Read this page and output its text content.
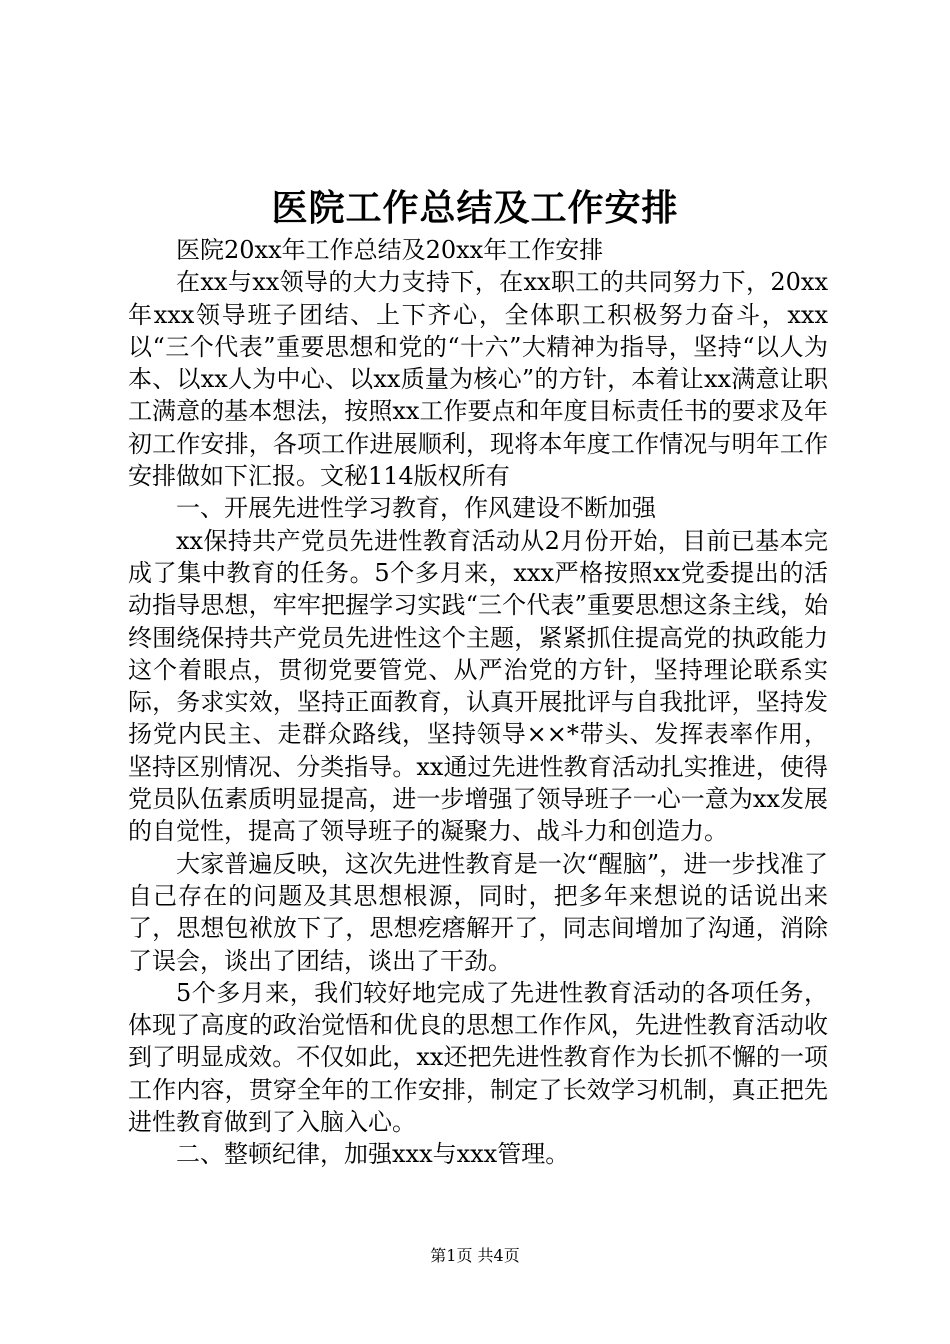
医院工作总结及工作安排

医院20xx年工作总结及20xx年工作安排

在xx与xx领导的大力支持下，在xx职工的共同努力下，20xx年xxx领导班子团结、上下齐心，全体职工积极努力奋斗，xxx以“三个代表”重要思想和党的“十六”大精神为指导，坚持“以人为本、以xx人为中心、以xx质量为核心”的方针，本着让xx满意让职工满意的基本想法，按照xx工作要点和年度目标责任书的要求及年初工作安排，各项工作进展顺利，现将本年度工作情况与明年工作安排做如下汇报。文秘114版权所有

一、开展先进性学习教育，作风建设不断加强

xx保持共产党员先进性教育活动从2月份开始，目前已基本完成了集中教育的任务。5个多月来，xxx严格按照xx党委提出的活动指导思想，牢牢把握学习实践“三个代表”重要思想这条主线，始终围绕保持共产党员先进性这个主题，紧紧抓住提高党的执政能力这个着眼点，贯彻党要管党、从严治党的方针，坚持理论联系实际，务求实效，坚持正面教育，认真开展批评与自我批评，坚持发扬党内民主、走群众路线，坚持领导××*带头、发挥表率作用，坚持区别情况、分类指导。xx通过先进性教育活动扎实推进，使得党员队伍素质明显提高，进一步增强了领导班子一心一意为xx发展的自觉性，提高了领导班子的凝聚力、战斗力和创造力。

大家普遍反映，这次先进性教育是一次“醒脑”，进一步找准了自己存在的问题及其思想根源，同时，把多年来想说的话说出来了，思想包袱放下了，思想疙瘩解开了，同志间增加了沟通，消除了误会，谈出了团结，谈出了干劲。

5个多月来，我们较好地完成了先进性教育活动的各项任务，体现了高度的政治觉悟和优良的思想工作作风，先进性教育活动收到了明显成效。不仅如此，xx还把先进性教育作为长抓不懈的一项工作内容，贯穿全年的工作安排，制定了长效学习机制，真正把先进性教育做到了入脑入心。

二、整顿纪律，加强xxx与xxx管理。

第1页 共4页
